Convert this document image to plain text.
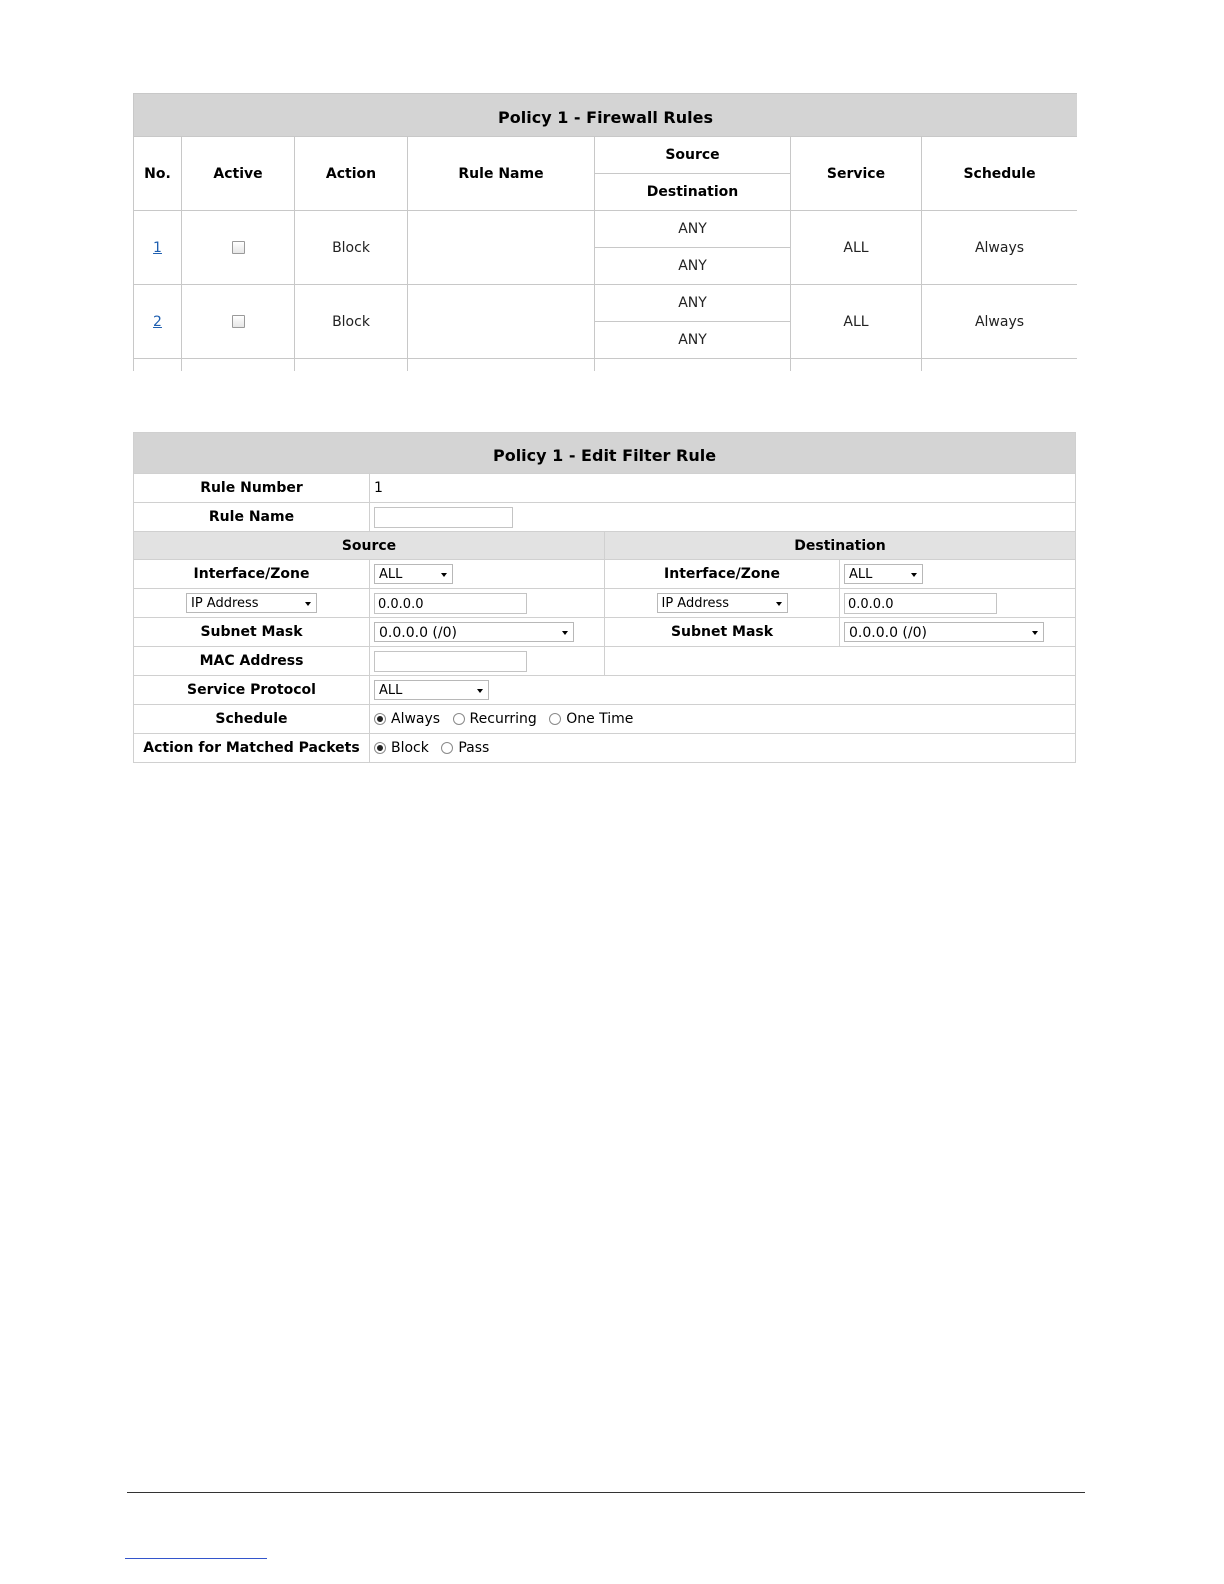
Policy 1 - Firewall Rules						
No.	Active	Action	Rule Name	Source	Service	Schedule
				Destination		
1		Block		ANY	ALL	Always
				ANY		
2		Block		ANY	ALL	Always
				ANY		

Policy 1 - Edit Filter Rule			
Rule Number	1		
Rule Name			
Source		Destination	
Interface/Zone	ALL	Interface/Zone	ALL

IP Address	0.0.0.0	IP Address	0.0.0.0
Subnet Mask	0.0.0.0 (/0)	Subnet Mask	0.0.0.0 (/0)

MAC Address			
Service Protocol	ALL		

Schedule	Always Recurring One Time		
Action for Matched Packets	Block Pass		
